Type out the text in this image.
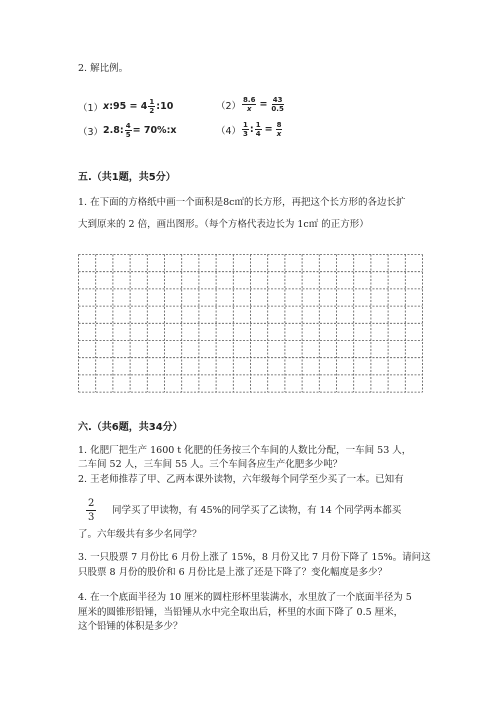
2. 解比例。
（1） x :95 = $4 \frac{1}{2}$ :10	$(2) \frac{8.6}{x} = \frac{43}{0.5}$
（3） 2.8: $\frac{4}{5}$ = 70%:x	$(4) \frac{1}{3}$ : $\frac{1}{4} = \frac{8}{x}$
五.（共1题，共5分）
1. 在下面的方格纸中画一个面积是8c㎡的长方形，再把这个长方形的各边长扩
大到原来的 2 倍，画出图形。（每个方格代表边长为 1c㎡ 的正方形）
六.（共6题，共34分）
1. 化肥厂把生产 1600 t 化肥的任务按三个车间的人数比分配，一车间 53 人，
二车间 52 人，三车间 55 人。三个车间各应生产化肥多少吨？
2. 王老师推荐了甲、乙两本课外读物，六年级每个同学至少买了一本。已知有
$\frac{2}{3}$ 同学买了甲读物，有 45%的同学买了乙读物，有 14 个同学两本都买
了。六年级共有多少名同学？
3. 一只股票 7 月份比 6 月份上涨了 15%，8 月份又比 7 月份下降了 15%。请问这
只股票 8 月份的股价和 6 月份比是上涨了还是下降了？变化幅度是多少？
4. 在一个底面半径为 10 厘米的圆柱形杯里装满水，水里放了一个底面半径为 5
厘米的圆锥形铅锤，当铅锤从水中完全取出后，杯里的水面下降了 0.5 厘米，
这个铅锤的体积是多少？
